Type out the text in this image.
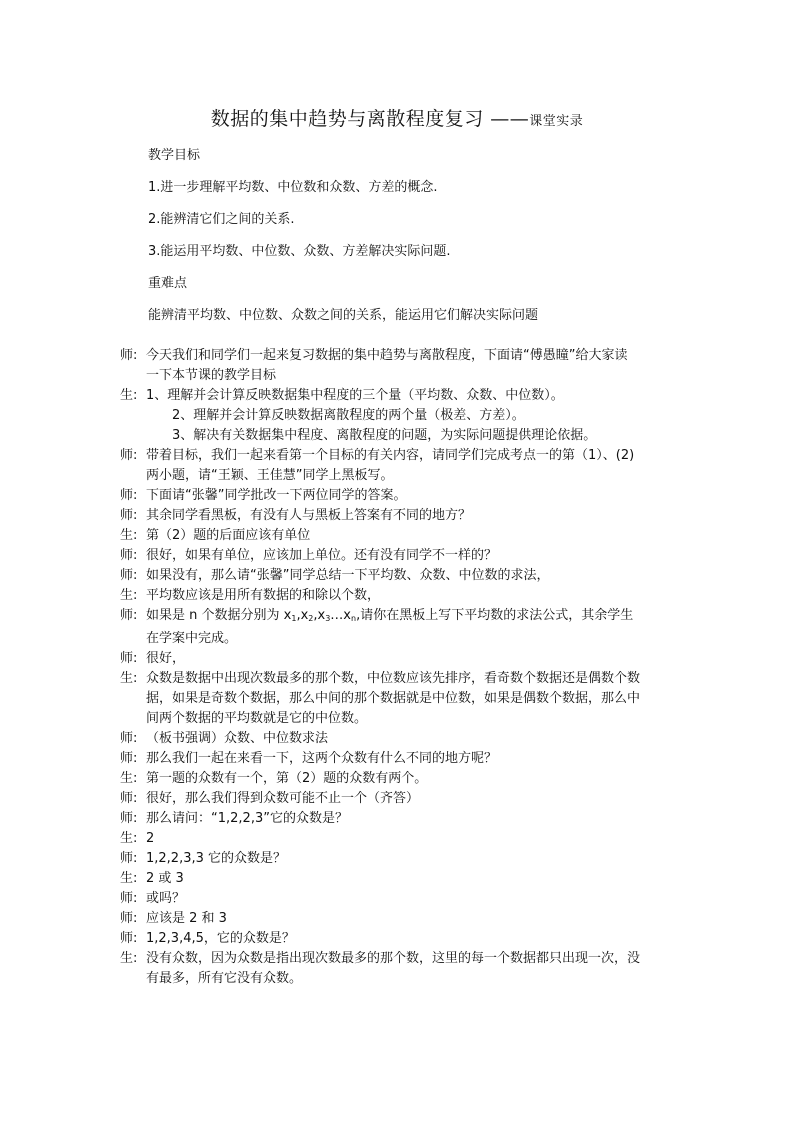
数据的集中趋势与离散程度复习 ——课堂实录
教学目标
1.进一步理解平均数、中位数和众数、方差的概念.
2.能辨清它们之间的关系.
3.能运用平均数、中位数、众数、方差解决实际问题.
重难点
能辨清平均数、中位数、众数之间的关系，能运用它们解决实际问题
师: 今天我们和同学们一起来复习数据的集中趋势与离散程度，下面请“傅愚瞳”给大家读
一下本节课的教学目标
生: 1、理解并会计算反映数据集中程度的三个量（平均数、众数、中位数）。
2、理解并会计算反映数据离散程度的两个量（极差、方差）。
3、解决有关数据集中程度、离散程度的问题，为实际问题提供理论依据。
师: 带着目标，我们一起来看第一个目标的有关内容，请同学们完成考点一的第（1）、(2)
两小题，请“王颖、王佳慧”同学上黑板写。
师: 下面请“张馨”同学批改一下两位同学的答案。
师: 其余同学看黑板，有没有人与黑板上答案有不同的地方？
生: 第（2）题的后面应该有单位
师: 很好，如果有单位，应该加上单位。还有没有同学不一样的？
师: 如果没有，那么请“张馨”同学总结一下平均数、众数、中位数的求法，
生: 平均数应该是用所有数据的和除以个数，
师: 如果是 n 个数据分别为 $x_1,x_2,x_3\dots x_n$,请你在黑板上写下平均数的求法公式，其余学生
在学案中完成。
师: 很好，
生: 众数是数据中出现次数最多的那个数，中位数应该先排序，看奇数个数据还是偶数个数
据，如果是奇数个数据，那么中间的那个数据就是中位数，如果是偶数个数据，那么中
间两个数据的平均数就是它的中位数。
师: （板书强调）众数、中位数求法
师: 那么我们一起在来看一下，这两个众数有什么不同的地方呢？
生: 第一题的众数有一个，第（2）题的众数有两个。
师: 很好，那么我们得到众数可能不止一个（齐答）
师: 那么请问：“1,2,2,3”它的众数是？
生: 2
师: 1,2,2,3,3 它的众数是？
生: 2 或 3
师: 或吗？
师: 应该是 2 和 3
师: 1,2,3,4,5，它的众数是？
生: 没有众数，因为众数是指出现次数最多的那个数，这里的每一个数据都只出现一次，没
有最多，所有它没有众数。
